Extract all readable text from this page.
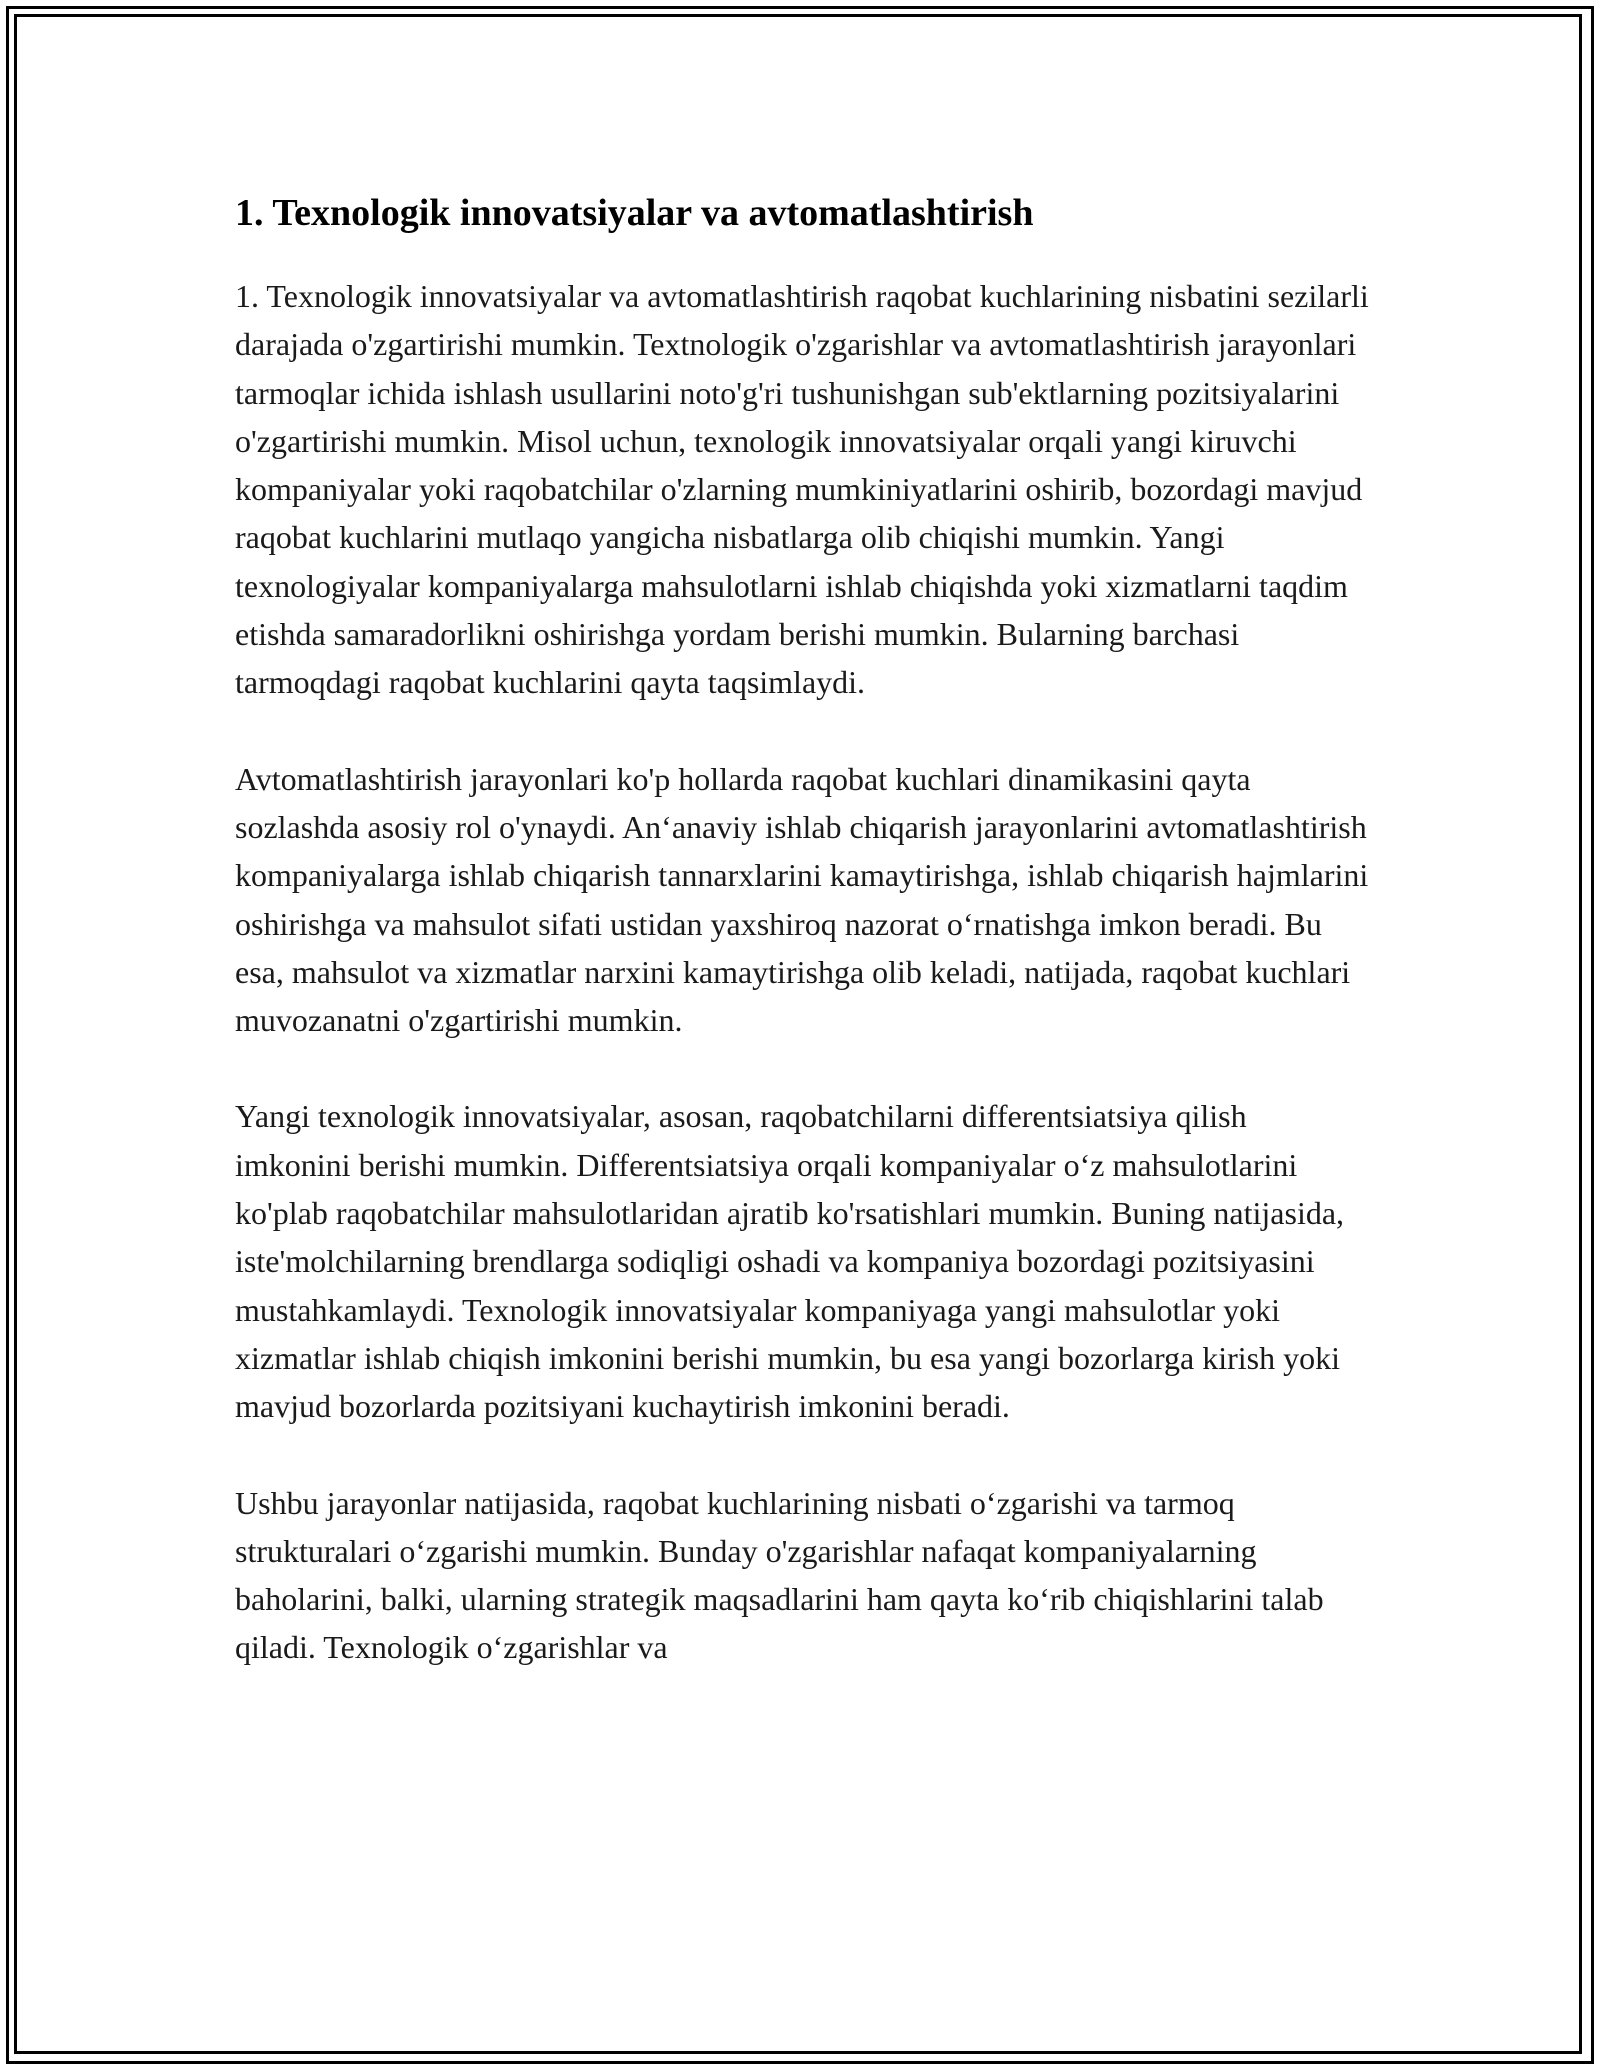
1. Texnologik innovatsiyalar va avtomatlashtirish

1. Texnologik innovatsiyalar va avtomatlashtirish raqobat kuchlarining nisbatini sezilarli darajada o'zgartirishi mumkin. Textnologik o'zgarishlar va avtomatlashtirish jarayonlari tarmoqlar ichida ishlash usullarini noto'g'ri tushunishgan sub'ektlarning pozitsiyalarini o'zgartirishi mumkin. Misol uchun, texnologik innovatsiyalar orqali yangi kiruvchi kompaniyalar yoki raqobatchilar o'zlarning mumkiniyatlarini oshirib, bozordagi mavjud raqobat kuchlarini mutlaqo yangicha nisbatlarga olib chiqishi mumkin. Yangi texnologiyalar kompaniyalarga mahsulotlarni ishlab chiqishda yoki xizmatlarni taqdim etishda samaradorlikni oshirishga yordam berishi mumkin. Bularning barchasi tarmoqdagi raqobat kuchlarini qayta taqsimlaydi.

Avtomatlashtirish jarayonlari ko'p hollarda raqobat kuchlari dinamikasini qayta sozlashda asosiy rol o'ynaydi. An‘anaviy ishlab chiqarish jarayonlarini avtomatlashtirish kompaniyalarga ishlab chiqarish tannarxlarini kamaytirishga, ishlab chiqarish hajmlarini oshirishga va mahsulot sifati ustidan yaxshiroq nazorat o‘rnatishga imkon beradi. Bu esa, mahsulot va xizmatlar narxini kamaytirishga olib keladi, natijada, raqobat kuchlari muvozanatni o'zgartirishi mumkin.

Yangi texnologik innovatsiyalar, asosan, raqobatchilarni differentsiatsiya qilish imkonini berishi mumkin. Differentsiatsiya orqali kompaniyalar o‘z mahsulotlarini ko'plab raqobatchilar mahsulotlaridan ajratib ko'rsatishlari mumkin. Buning natijasida, iste'molchilarning brendlarga sodiqligi oshadi va kompaniya bozordagi pozitsiyasini mustahkamlaydi. Texnologik innovatsiyalar kompaniyaga yangi mahsulotlar yoki xizmatlar ishlab chiqish imkonini berishi mumkin, bu esa yangi bozorlarga kirish yoki mavjud bozorlarda pozitsiyani kuchaytirish imkonini beradi.

Ushbu jarayonlar natijasida, raqobat kuchlarining nisbati o‘zgarishi va tarmoq strukturalari o‘zgarishi mumkin. Bunday o'zgarishlar nafaqat kompaniyalarning baholarini, balki, ularning strategik maqsadlarini ham qayta ko‘rib chiqishlarini talab qiladi. Texnologik o‘zgarishlar va
